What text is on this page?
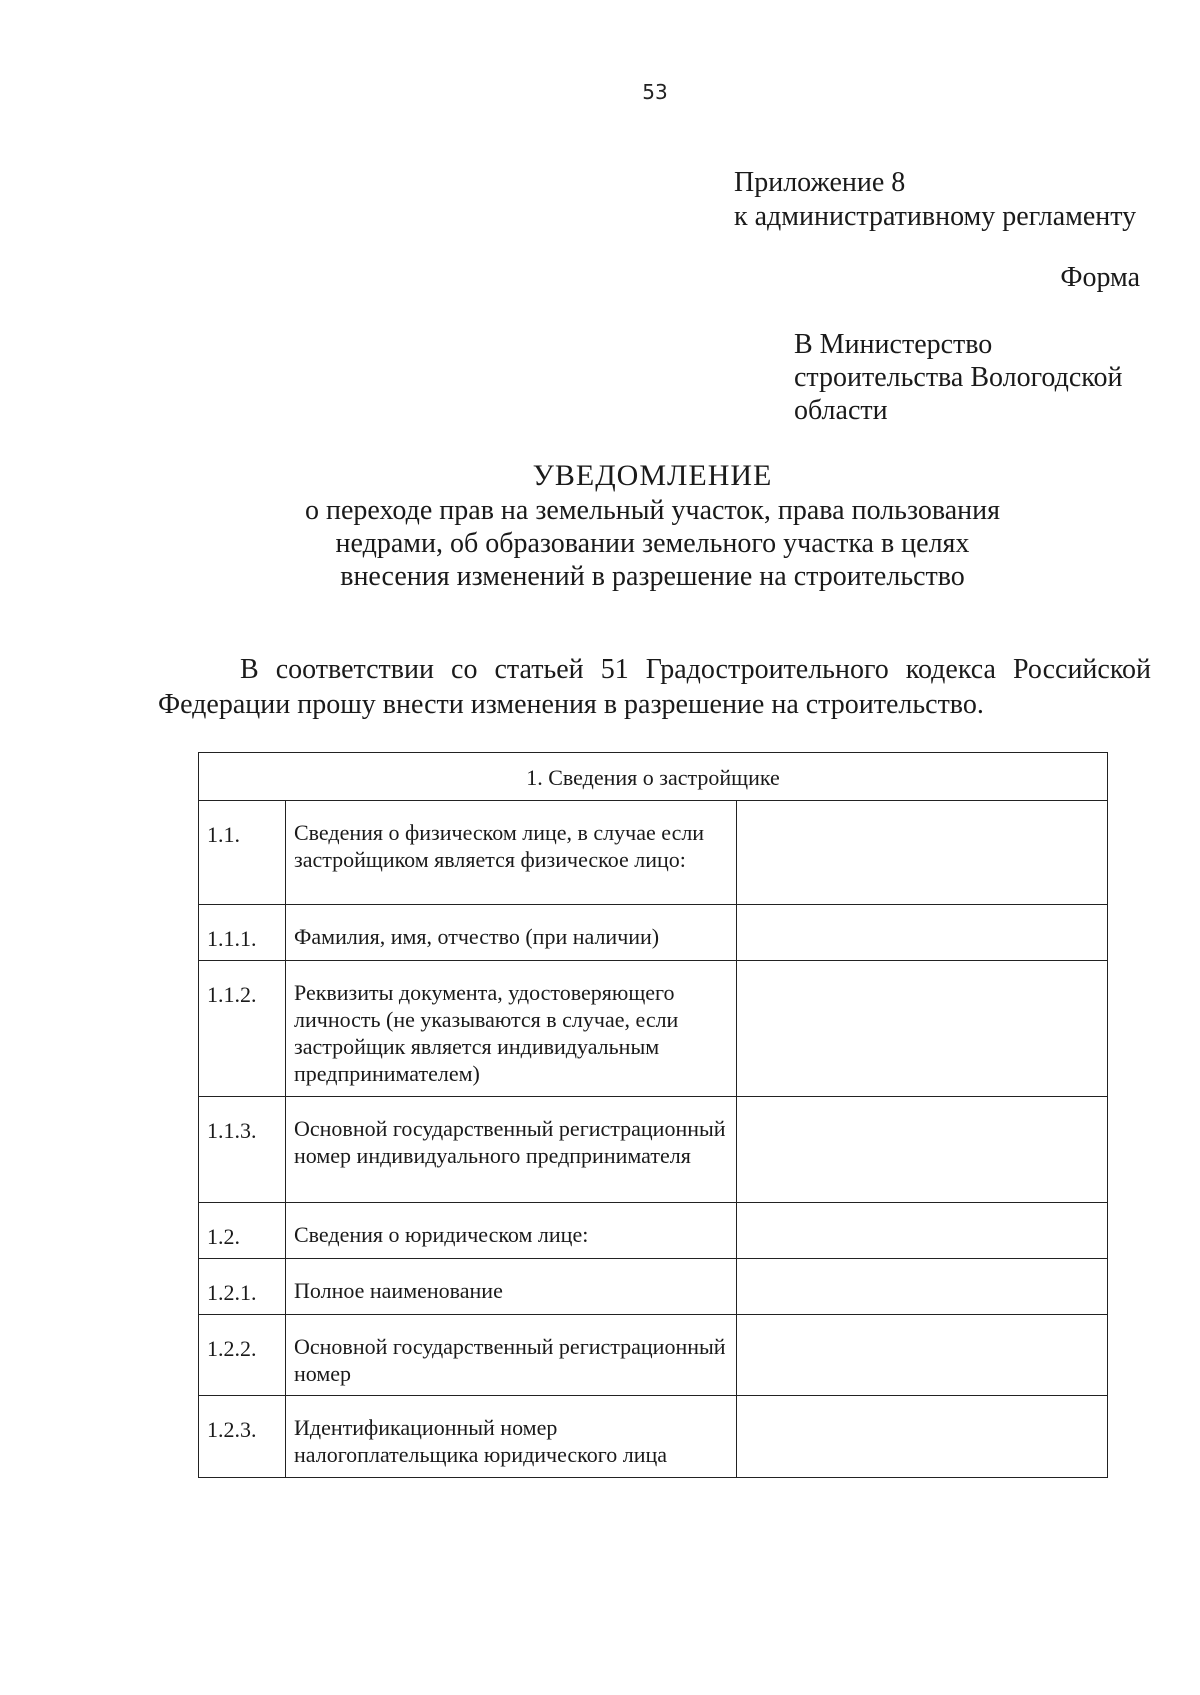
53
Приложение 8
к административному регламенту
Форма
В Министерство
строительства Вологодской
области
УВЕДОМЛЕНИЕ
о переходе прав на земельный участок, права пользования
недрами, об образовании земельного участка в целях
внесения изменений в разрешение на строительство
В соответствии со статьей 51 Градостроительного кодекса Российской Федерации прошу внести изменения в разрешение на строительство.
1. Сведения о застройщике		
1.1.	Сведения о физическом лице, в случае если застройщиком является физическое лицо:	
1.1.1.	Фамилия, имя, отчество (при наличии)	
1.1.2.	Реквизиты документа, удостоверяющего личность (не указываются в случае, если застройщик является индивидуальным предпринимателем)	
1.1.3.	Основной государственный регистрационный номер индивидуального предпринимателя	
1.2.	Сведения о юридическом лице:	
1.2.1.	Полное наименование	
1.2.2.	Основной государственный регистрационный номер	
1.2.3.	Идентификационный номер налогоплательщика юридического лица	
